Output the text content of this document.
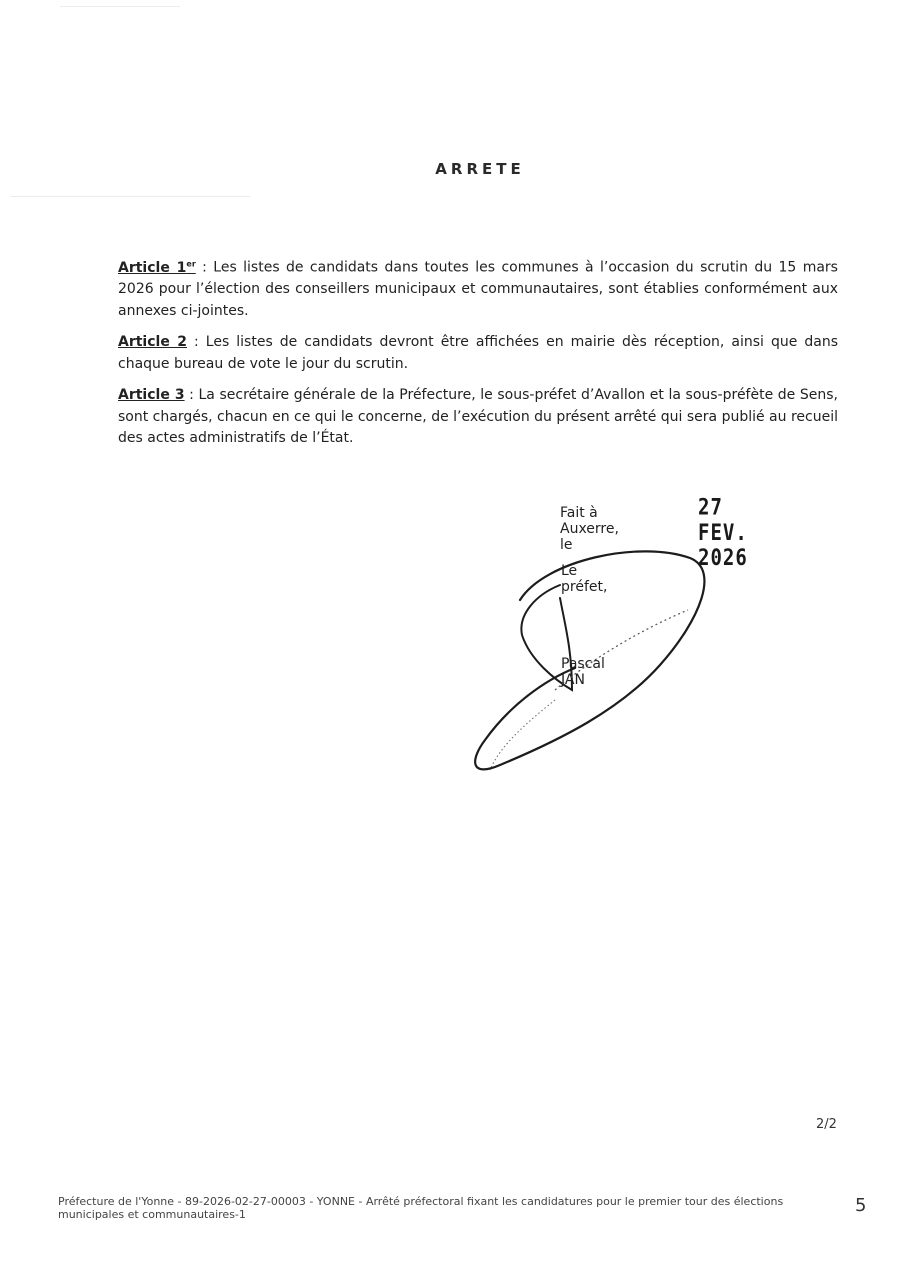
ARRETE

Article 1er : Les listes de candidats dans toutes les communes à l’occasion du scrutin du 15 mars 2026 pour l’élection des conseillers municipaux et communautaires, sont établies conformément aux annexes ci-jointes.

Article 2 : Les listes de candidats devront être affichées en mairie dès réception, ainsi que dans chaque bureau de vote le jour du scrutin.

Article 3 : La secrétaire générale de la Préfecture, le sous-préfet d’Avallon et la sous-préfète de Sens, sont chargés, chacun en ce qui le concerne, de l’exécution du présent arrêté qui sera publié au recueil des actes administratifs de l’État.

Fait à Auxerre, le
27 FEV. 2026
Le préfet,
Pascal JAN
2/2
Préfecture de l'Yonne - 89-2026-02-27-00003 - YONNE - Arrêté préfectoral fixant les candidatures pour le premier tour des élections municipales et communautaires-1	5
